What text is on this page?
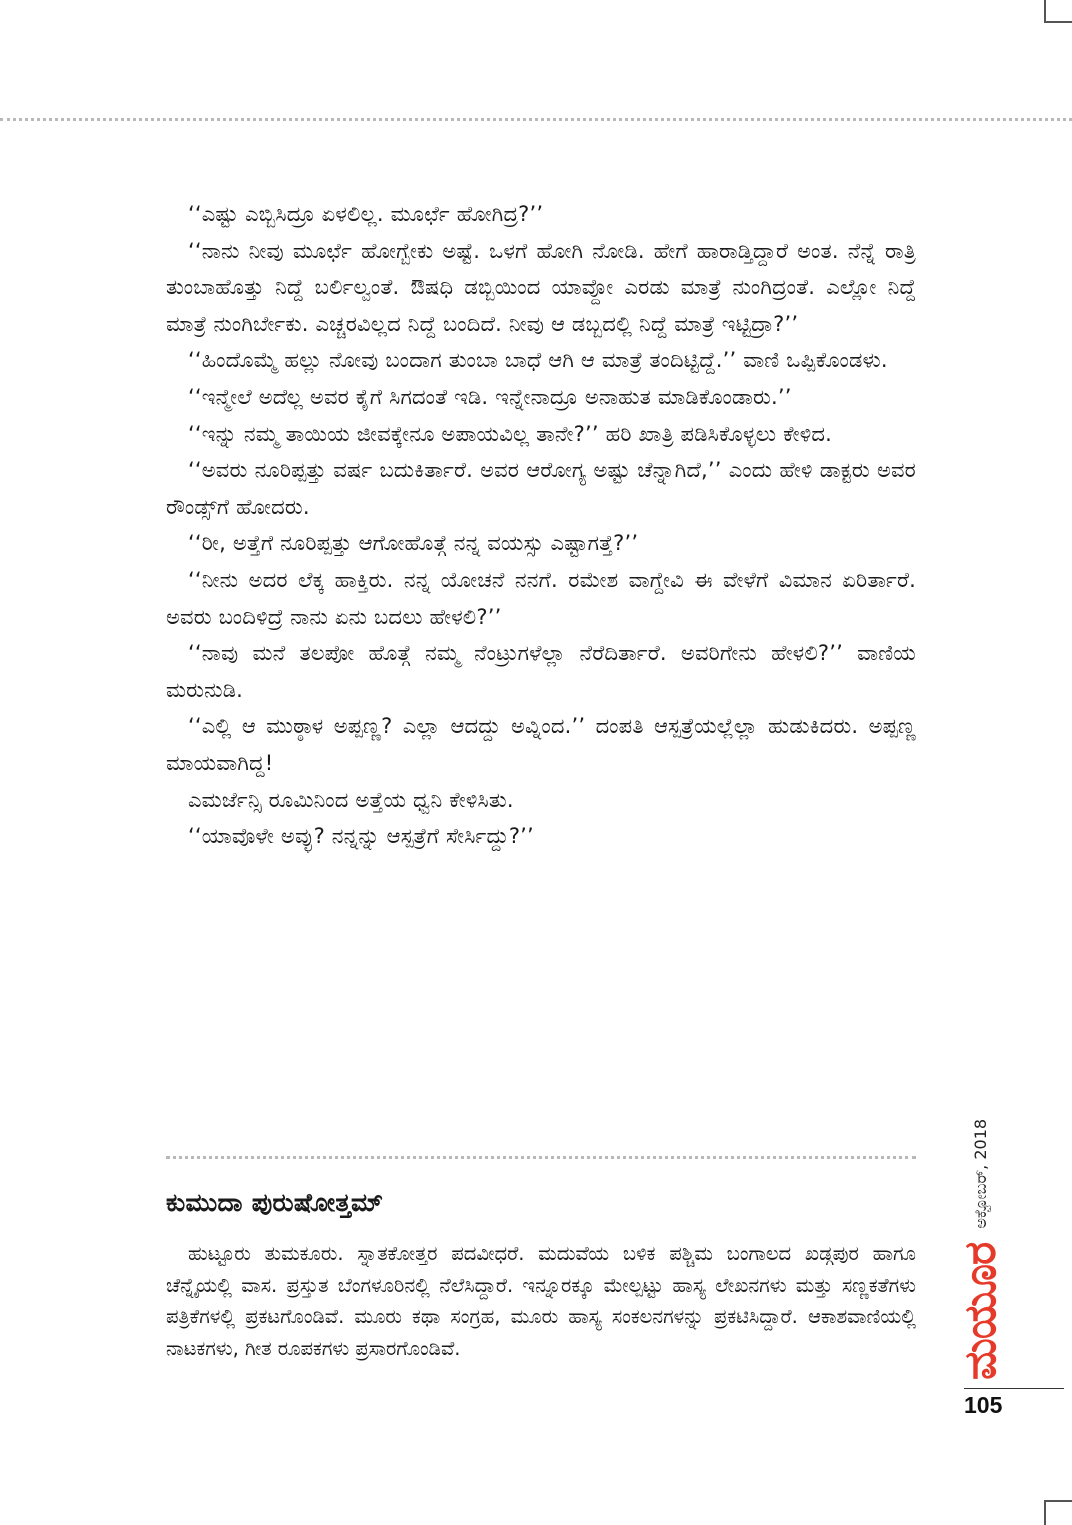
‘‘ಎಷ್ಟು ಎಬ್ಬಿಸಿದ್ರೂ ಏಳಲಿಲ್ಲ. ಮೂರ್ಛೆ ಹೋಗಿದ್ರ?’’

‘‘ನಾನು ನೀವು ಮೂರ್ಛೆ ಹೋಗ್ಬೇಕು ಅಷ್ಟೆ. ಒಳಗೆ ಹೋಗಿ ನೋಡಿ. ಹೇಗೆ ಹಾರಾಡ್ತಿದ್ದಾರೆ ಅಂತ. ನೆನ್ನೆ ರಾತ್ರಿ ತುಂಬಾಹೊತ್ತು ನಿದ್ದೆ ಬರ್ಲಿಲ್ವಂತೆ. ಔಷಧಿ ಡಬ್ಬಿಯಿಂದ ಯಾವ್ದೋ ಎರಡು ಮಾತ್ರೆ ನುಂಗಿದ್ರಂತೆ. ಎಲ್ಲೋ ನಿದ್ದೆ ಮಾತ್ರೆ ನುಂಗಿರ್ಬೇಕು. ಎಚ್ಚರವಿಲ್ಲದ ನಿದ್ದೆ ಬಂದಿದೆ. ನೀವು ಆ ಡಬ್ಬದಲ್ಲಿ ನಿದ್ದೆ ಮಾತ್ರೆ ಇಟ್ಟಿದ್ರಾ?’’

‘‘ಹಿಂದೊಮ್ಮೆ ಹಲ್ಲು ನೋವು ಬಂದಾಗ ತುಂಬಾ ಬಾಧೆ ಆಗಿ ಆ ಮಾತ್ರೆ ತಂದಿಟ್ಟಿದ್ದೆ.’’ ವಾಣಿ ಒಪ್ಪಿಕೊಂಡಳು.

‘‘ಇನ್ಮೇಲೆ ಅದೆಲ್ಲ ಅವರ ಕೈಗೆ ಸಿಗದಂತೆ ಇಡಿ. ಇನ್ನೇನಾದ್ರೂ ಅನಾಹುತ ಮಾಡಿಕೊಂಡಾರು.’’

‘‘ಇನ್ನು ನಮ್ಮ ತಾಯಿಯ ಜೀವಕ್ಕೇನೂ ಅಪಾಯವಿಲ್ಲ ತಾನೇ?’’ ಹರಿ ಖಾತ್ರಿ ಪಡಿಸಿಕೊಳ್ಳಲು ಕೇಳಿದ.

‘‘ಅವರು ನೂರಿಪ್ಪತ್ತು ವರ್ಷ ಬದುಕಿರ್ತಾರೆ. ಅವರ ಆರೋಗ್ಯ ಅಷ್ಟು ಚೆನ್ನಾಗಿದೆ,’’ ಎಂದು ಹೇಳಿ ಡಾಕ್ಟರು ಅವರ ರೌಂಡ್ಸ್‌ಗೆ ಹೋದರು.

‘‘ರೀ, ಅತ್ತೆಗೆ ನೂರಿಪ್ಪತ್ತು ಆಗೋಹೊತ್ಗೆ ನನ್ನ ವಯಸ್ಸು ಎಷ್ಟಾಗತ್ತೆ?’’

‘‘ನೀನು ಅದರ ಲೆಕ್ಕ ಹಾಕ್ತಿರು. ನನ್ನ ಯೋಚನೆ ನನಗೆ. ರಮೇಶ ವಾಗ್ದೇವಿ ಈ ವೇಳೆಗೆ ವಿಮಾನ ಏರಿರ್ತಾರೆ. ಅವರು ಬಂದಿಳಿದ್ರೆ ನಾನು ಏನು ಬದಲು ಹೇಳಲಿ?’’

‘‘ನಾವು ಮನೆ ತಲಪೋ ಹೊತ್ಗೆ ನಮ್ಮ ನೆಂಟ್ರುಗಳೆಲ್ಲಾ ನೆರೆದಿರ್ತಾರೆ. ಅವರಿಗೇನು ಹೇಳಲಿ?’’ ವಾಣಿಯ ಮರುನುಡಿ.

‘‘ಎಲ್ಲಿ ಆ ಮುಠ್ಠಾಳ ಅಪ್ಪಣ್ಣ? ಎಲ್ಲಾ ಆದದ್ದು ಅವ್ನಿಂದ.’’ ದಂಪತಿ ಆಸ್ಪತ್ರೆಯಲ್ಲೆಲ್ಲಾ ಹುಡುಕಿದರು. ಅಪ್ಪಣ್ಣ ಮಾಯವಾಗಿದ್ದ!

ಎಮರ್ಜೆನ್ಸಿ ರೂಮಿನಿಂದ ಅತ್ತೆಯ ಧ್ವನಿ ಕೇಳಿಸಿತು.

‘‘ಯಾವೊಳೇ ಅವ್ಳು? ನನ್ನನ್ನು ಆಸ್ಪತ್ರೆಗೆ ಸೇರ್ಸಿದ್ದು?’’

ಕುಮುದಾ ಪುರುಷೋತ್ತಮ್
ಹುಟ್ಟೂರು ತುಮಕೂರು. ಸ್ನಾತಕೋತ್ತರ ಪದವೀಧರೆ. ಮದುವೆಯ ಬಳಿಕ ಪಶ್ಚಿಮ ಬಂಗಾಲದ ಖಡ್ಗಪುರ ಹಾಗೂ ಚೆನ್ನೈಯಲ್ಲಿ ವಾಸ. ಪ್ರಸ್ತುತ ಬೆಂಗಳೂರಿನಲ್ಲಿ ನೆಲೆಸಿದ್ದಾರೆ. ಇನ್ನೂರಕ್ಕೂ ಮೇಲ್ಪಟ್ಟು ಹಾಸ್ಯ ಲೇಖನಗಳು ಮತ್ತು ಸಣ್ಣಕತೆಗಳು ಪತ್ರಿಕೆಗಳಲ್ಲಿ ಪ್ರಕಟಗೊಂಡಿವೆ. ಮೂರು ಕಥಾ ಸಂಗ್ರಹ, ಮೂರು ಹಾಸ್ಯ ಸಂಕಲನಗಳನ್ನು ಪ್ರಕಟಿಸಿದ್ದಾರೆ. ಆಕಾಶವಾಣಿಯಲ್ಲಿ ನಾಟಕಗಳು, ಗೀತ ರೂಪಕಗಳು ಪ್ರಸಾರಗೊಂಡಿವೆ.	ಮಯೂರ
ಅಕ್ಟೋಬರ್, 2018
105
